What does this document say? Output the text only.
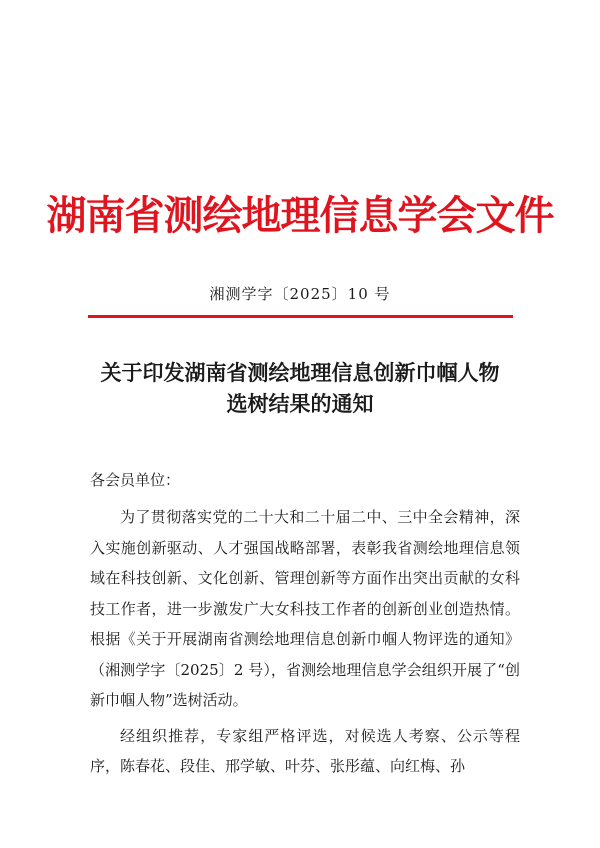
湖南省测绘地理信息学会文件
湘测学字〔2025〕10 号
关于印发湖南省测绘地理信息创新巾帼人物
选树结果的通知
各会员单位：

为了贯彻落实党的二十大和二十届二中、三中全会精神，深入实施创新驱动、人才强国战略部署，表彰我省测绘地理信息领域在科技创新、文化创新、管理创新等方面作出突出贡献的女科技工作者，进一步激发广大女科技工作者的创新创业创造热情。根据《关于开展湖南省测绘地理信息创新巾帼人物评选的通知》（湘测学字〔2025〕2 号），省测绘地理信息学会组织开展了“创新巾帼人物”选树活动。

经组织推荐，专家组严格评选，对候选人考察、公示等程序，陈春花、段佳、邢学敏、叶芬、张彤蕴、向红梅、孙
